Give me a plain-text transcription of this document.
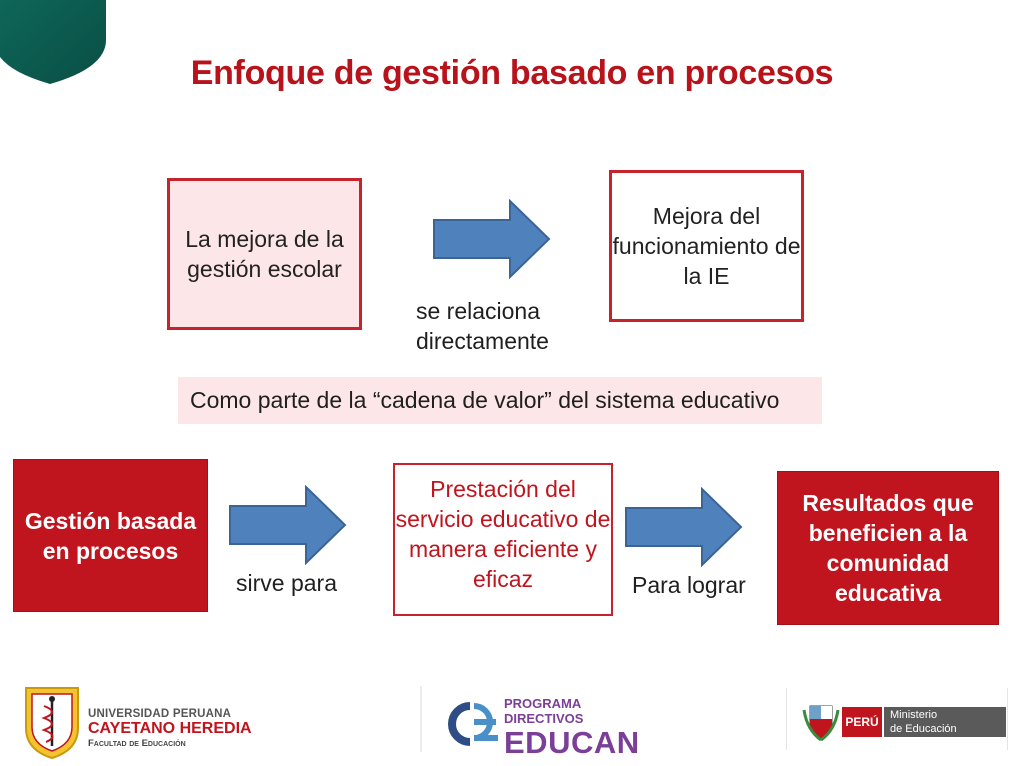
Enfoque de gestión basado en procesos
La mejora de la gestión escolar
se relaciona directamente
Mejora del funcionamiento de la IE
Como parte de la “cadena de valor” del sistema educativo
Gestión basada en procesos
sirve para
Prestación del servicio educativo de manera eficiente y eficaz	Para lograr
Resultados que beneficien a la comunidad educativa
UNIVERSIDAD PERUANA
CAYETANO HEREDIA
Facultad de Educación
PROGRAMA DIRECTIVOS
EDUCAN
PERÚ Ministerio
de Educación
